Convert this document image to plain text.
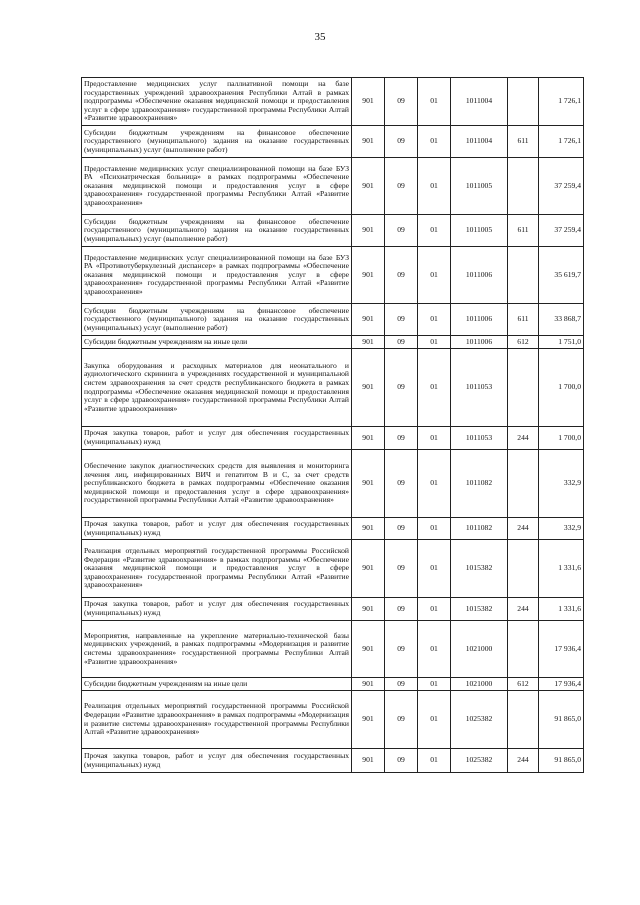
35
Предоставление медицинских услуг паллиативной помощи на базе государственных учреждений здравоохранения Республики Алтай в рамках подпрограммы «Обеспечение оказания медицинской помощи и предоставления услуг в сфере здравоохранения» государственной программы Республики Алтай «Развитие здравоохранения»	901	09	01	1011004		1 726,1
Субсидии бюджетным учреждениям на финансовое обеспечение государственного (муниципального) задания на оказание государственных (муниципальных) услуг (выполнение работ)	901	09	01	1011004	611	1 726,1
Предоставление медицинских услуг специализированной помощи на базе БУЗ РА «Психиатрическая больница» в рамках подпрограммы «Обеспечение оказания медицинской помощи и предоставления услуг в сфере здравоохранения» государственной программы Республики Алтай «Развитие здравоохранения»	901	09	01	1011005		37 259,4
Субсидии бюджетным учреждениям на финансовое обеспечение государственного (муниципального) задания на оказание государственных (муниципальных) услуг (выполнение работ)	901	09	01	1011005	611	37 259,4
Предоставление медицинских услуг специализированной помощи на базе БУЗ РА «Противотуберкулезный диспансер» в рамках подпрограммы «Обеспечение оказания медицинской помощи и предоставления услуг в сфере здравоохранения» государственной программы Республики Алтай «Развитие здравоохранения»	901	09	01	1011006		35 619,7
Субсидии бюджетным учреждениям на финансовое обеспечение государственного (муниципального) задания на оказание государственных (муниципальных) услуг (выполнение работ)	901	09	01	1011006	611	33 868,7
Субсидии бюджетным учреждениям на иные цели	901	09	01	1011006	612	1 751,0
Закупка оборудования и расходных материалов для неонатального и аудиологического скрининга в учреждениях государственной и муниципальной систем здравоохранения за счет средств республиканского бюджета в рамках подпрограммы «Обеспечение оказания медицинской помощи и предоставления услуг в сфере здравоохранения» государственной программы Республики Алтай «Развитие здравоохранения»	901	09	01	1011053		1 700,0
Прочая закупка товаров, работ и услуг для обеспечения государственных (муниципальных) нужд	901	09	01	1011053	244	1 700,0
Обеспечение закупок диагностических средств для выявления и мониторинга лечения лиц, инфицированных ВИЧ и гепатитом В и С, за счет средств республиканского бюджета в рамках подпрограммы «Обеспечение оказания медицинской помощи и предоставления услуг в сфере здравоохранения» государственной программы Республики Алтай «Развитие здравоохранения»	901	09	01	1011082		332,9
Прочая закупка товаров, работ и услуг для обеспечения государственных (муниципальных) нужд	901	09	01	1011082	244	332,9
Реализация отдельных мероприятий государственной программы Российской Федерации «Развитие здравоохранения» в рамках подпрограммы «Обеспечение оказания медицинской помощи и предоставления услуг в сфере здравоохранения» государственной программы Республики Алтай «Развитие здравоохранения»	901	09	01	1015382		1 331,6
Прочая закупка товаров, работ и услуг для обеспечения государственных (муниципальных) нужд	901	09	01	1015382	244	1 331,6
Мероприятия, направленные на укрепление материально-технической базы медицинских учреждений, в рамках подпрограммы «Модернизация и развитие системы здравоохранения» государственной программы Республики Алтай «Развитие здравоохранения»	901	09	01	1021000		17 936,4
Субсидии бюджетным учреждениям на иные цели	901	09	01	1021000	612	17 936,4
Реализация отдельных мероприятий государственной программы Российской Федерации «Развитие здравоохранения» в рамках подпрограммы «Модернизация и развитие системы здравоохранения» государственной программы Республики Алтай «Развитие здравоохранения»	901	09	01	1025382		91 865,0
Прочая закупка товаров, работ и услуг для обеспечения государственных (муниципальных) нужд	901	09	01	1025382	244	91 865,0
